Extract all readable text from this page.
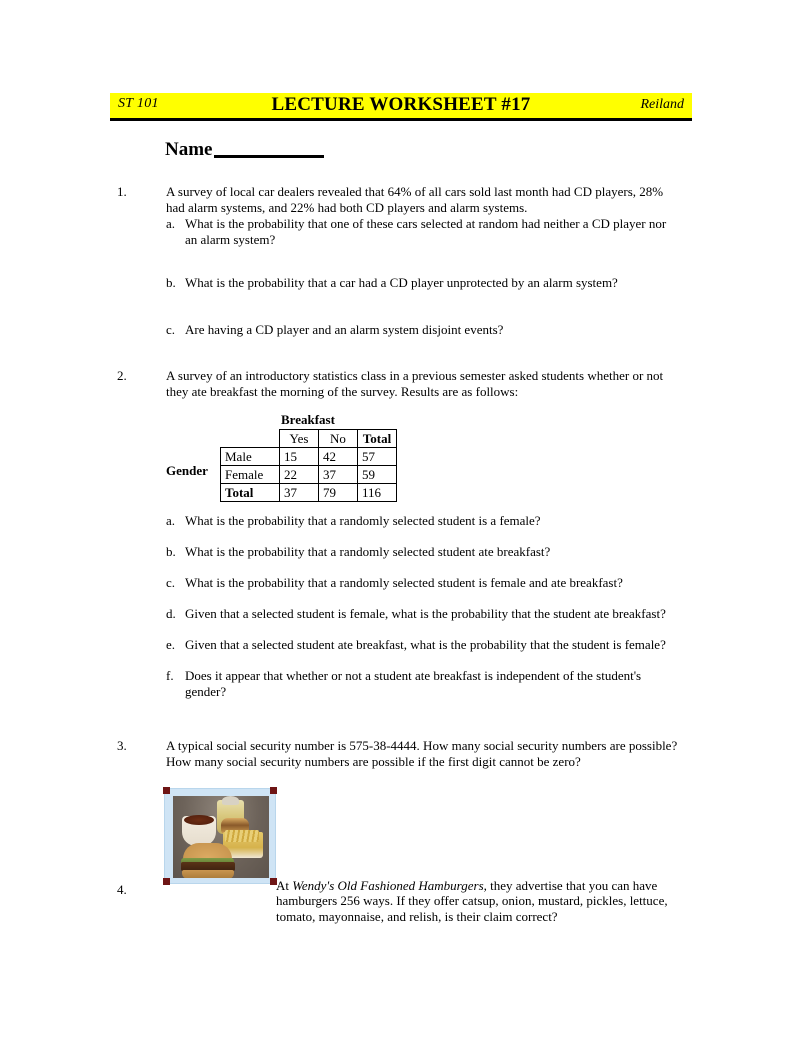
ST 101	LECTURE WORKSHEET #17	Reiland
Name
1.	A survey of local car dealers revealed that 64% of all cars sold last month had CD players, 28% had alarm systems, and 22% had both CD players and alarm systems.
a. What is the probability that one of these cars selected at random had neither a CD player nor an alarm system?
b. What is the probability that a car had a CD player unprotected by an alarm system?
c. Are having a CD player and an alarm system disjoint events?
2.	A survey of an introductory statistics class in a previous semester asked students whether or not they ate breakfast the morning of the survey. Results are as follows:
Breakfast
Gender
	Yes	No	Total
Male	15	42	57
Female	22	37	59
Total	37	79	116
a. What is the probability that a randomly selected student is a female?
b. What is the probability that a randomly selected student ate breakfast?
c. What is the probability that a randomly selected student is female and ate breakfast?
d. Given that a selected student is female, what is the probability that the student ate breakfast?
e. Given that a selected student ate breakfast, what is the probability that the student is female?
f. Does it appear that whether or not a student ate breakfast is independent of the student's gender?
3.	A typical social security number is 575-38-4444. How many social security numbers are possible? How many social security numbers are possible if the first digit cannot be zero?
4.	At Wendy's Old Fashioned Hamburgers, they advertise that you can have
hamburgers 256 ways. If they offer catsup, onion, mustard, pickles, lettuce, tomato, mayonnaise, and relish, is their claim correct?
